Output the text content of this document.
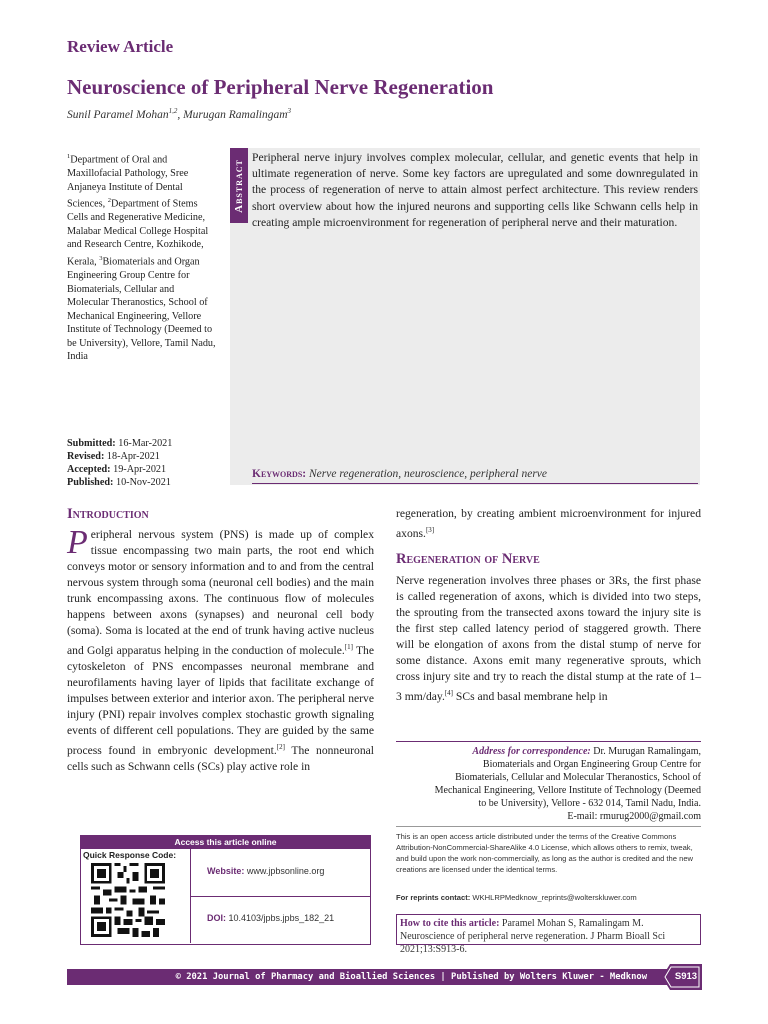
Review Article
Neuroscience of Peripheral Nerve Regeneration
Sunil Paramel Mohan$^{1,2}$, Murugan Ramalingam$^3$
$^1$Department of Oral and Maxillofacial Pathology, Sree Anjaneya Institute of Dental Sciences, $^2$Department of Stems Cells and Regenerative Medicine, Malabar Medical College Hospital and Research Centre, Kozhikode, Kerala, $^3$Biomaterials and Organ Engineering Group Centre for Biomaterials, Cellular and Molecular Theranostics, School of Mechanical Engineering, Vellore Institute of Technology (Deemed to be University), Vellore, Tamil Nadu, India
Submitted: 16-Mar-2021
Revised: 18-Apr-2021
Accepted: 19-Apr-2021
Published: 10-Nov-2021
Abstract
Peripheral nerve injury involves complex molecular, cellular, and genetic events that help in ultimate regeneration of nerve. Some key factors are upregulated and some downregulated in the process of regeneration of nerve to attain almost perfect architecture. This review renders short overview about how the injured neurons and supporting cells like Schwann cells help in creating ample microenvironment for regeneration of peripheral nerve and their maturation.
Keywords: Nerve regeneration, neuroscience, peripheral nerve
Introduction
Peripheral nervous system (PNS) is made up of complex tissue encompassing two main parts, the root end which conveys motor or sensory information and to and from the central nervous system through soma (neuronal cell bodies) and the main trunk encompassing axons. The continuous flow of molecules happens between axons (synapses) and neuronal cell body (soma). Soma is located at the end of trunk having active nucleus and Golgi apparatus helping in the conduction of molecule.[1] The cytoskeleton of PNS encompasses neuronal membrane and neurofilaments having layer of lipids that facilitate exchange of impulses between exterior and interior axon. The peripheral nerve injury (PNI) repair involves complex stochastic growth signaling events of different cell populations. They are guided by the same process found in embryonic development.[2] The nonneuronal cells such as Schwann cells (SCs) play active role in
regeneration, by creating ambient microenvironment for injured axons.[3]
Regeneration of Nerve
Nerve regeneration involves three phases or 3Rs, the first phase is called regeneration of axons, which is divided into two steps, the sprouting from the transected axons toward the injury site is the first step called latency period of staggered growth. There will be elongation of axons from the distal stump of nerve for some distance. Axons emit many regenerative sprouts, which cross injury site and try to reach the distal stump at the rate of 1–3 mm/day.[4] SCs and basal membrane help in
Address for correspondence: Dr. Murugan Ramalingam,
Biomaterials and Organ Engineering Group Centre for
Biomaterials, Cellular and Molecular Theranostics, School of
Mechanical Engineering, Vellore Institute of Technology (Deemed
to be University), Vellore - 632 014, Tamil Nadu, India.
E-mail: rmurug2000@gmail.com
This is an open access article distributed under the terms of the Creative Commons Attribution-NonCommercial-ShareAlike 4.0 License, which allows others to remix, tweak, and build upon the work non-commercially, as long as the author is credited and the new creations are licensed under the identical terms.
For reprints contact: WKHLRPMedknow_reprints@wolterskluwer.com
How to cite this article: Paramel Mohan S, Ramalingam M. Neuroscience of peripheral nerve regeneration. J Pharm Bioall Sci 2021;13:S913-6.
Access this article online
Quick Response Code:
Website: www.jpbsonline.org
DOI: 10.4103/jpbs.jpbs_182_21
© 2021 Journal of Pharmacy and Bioallied Sciences | Published by Wolters Kluwer - Medknow	S913
